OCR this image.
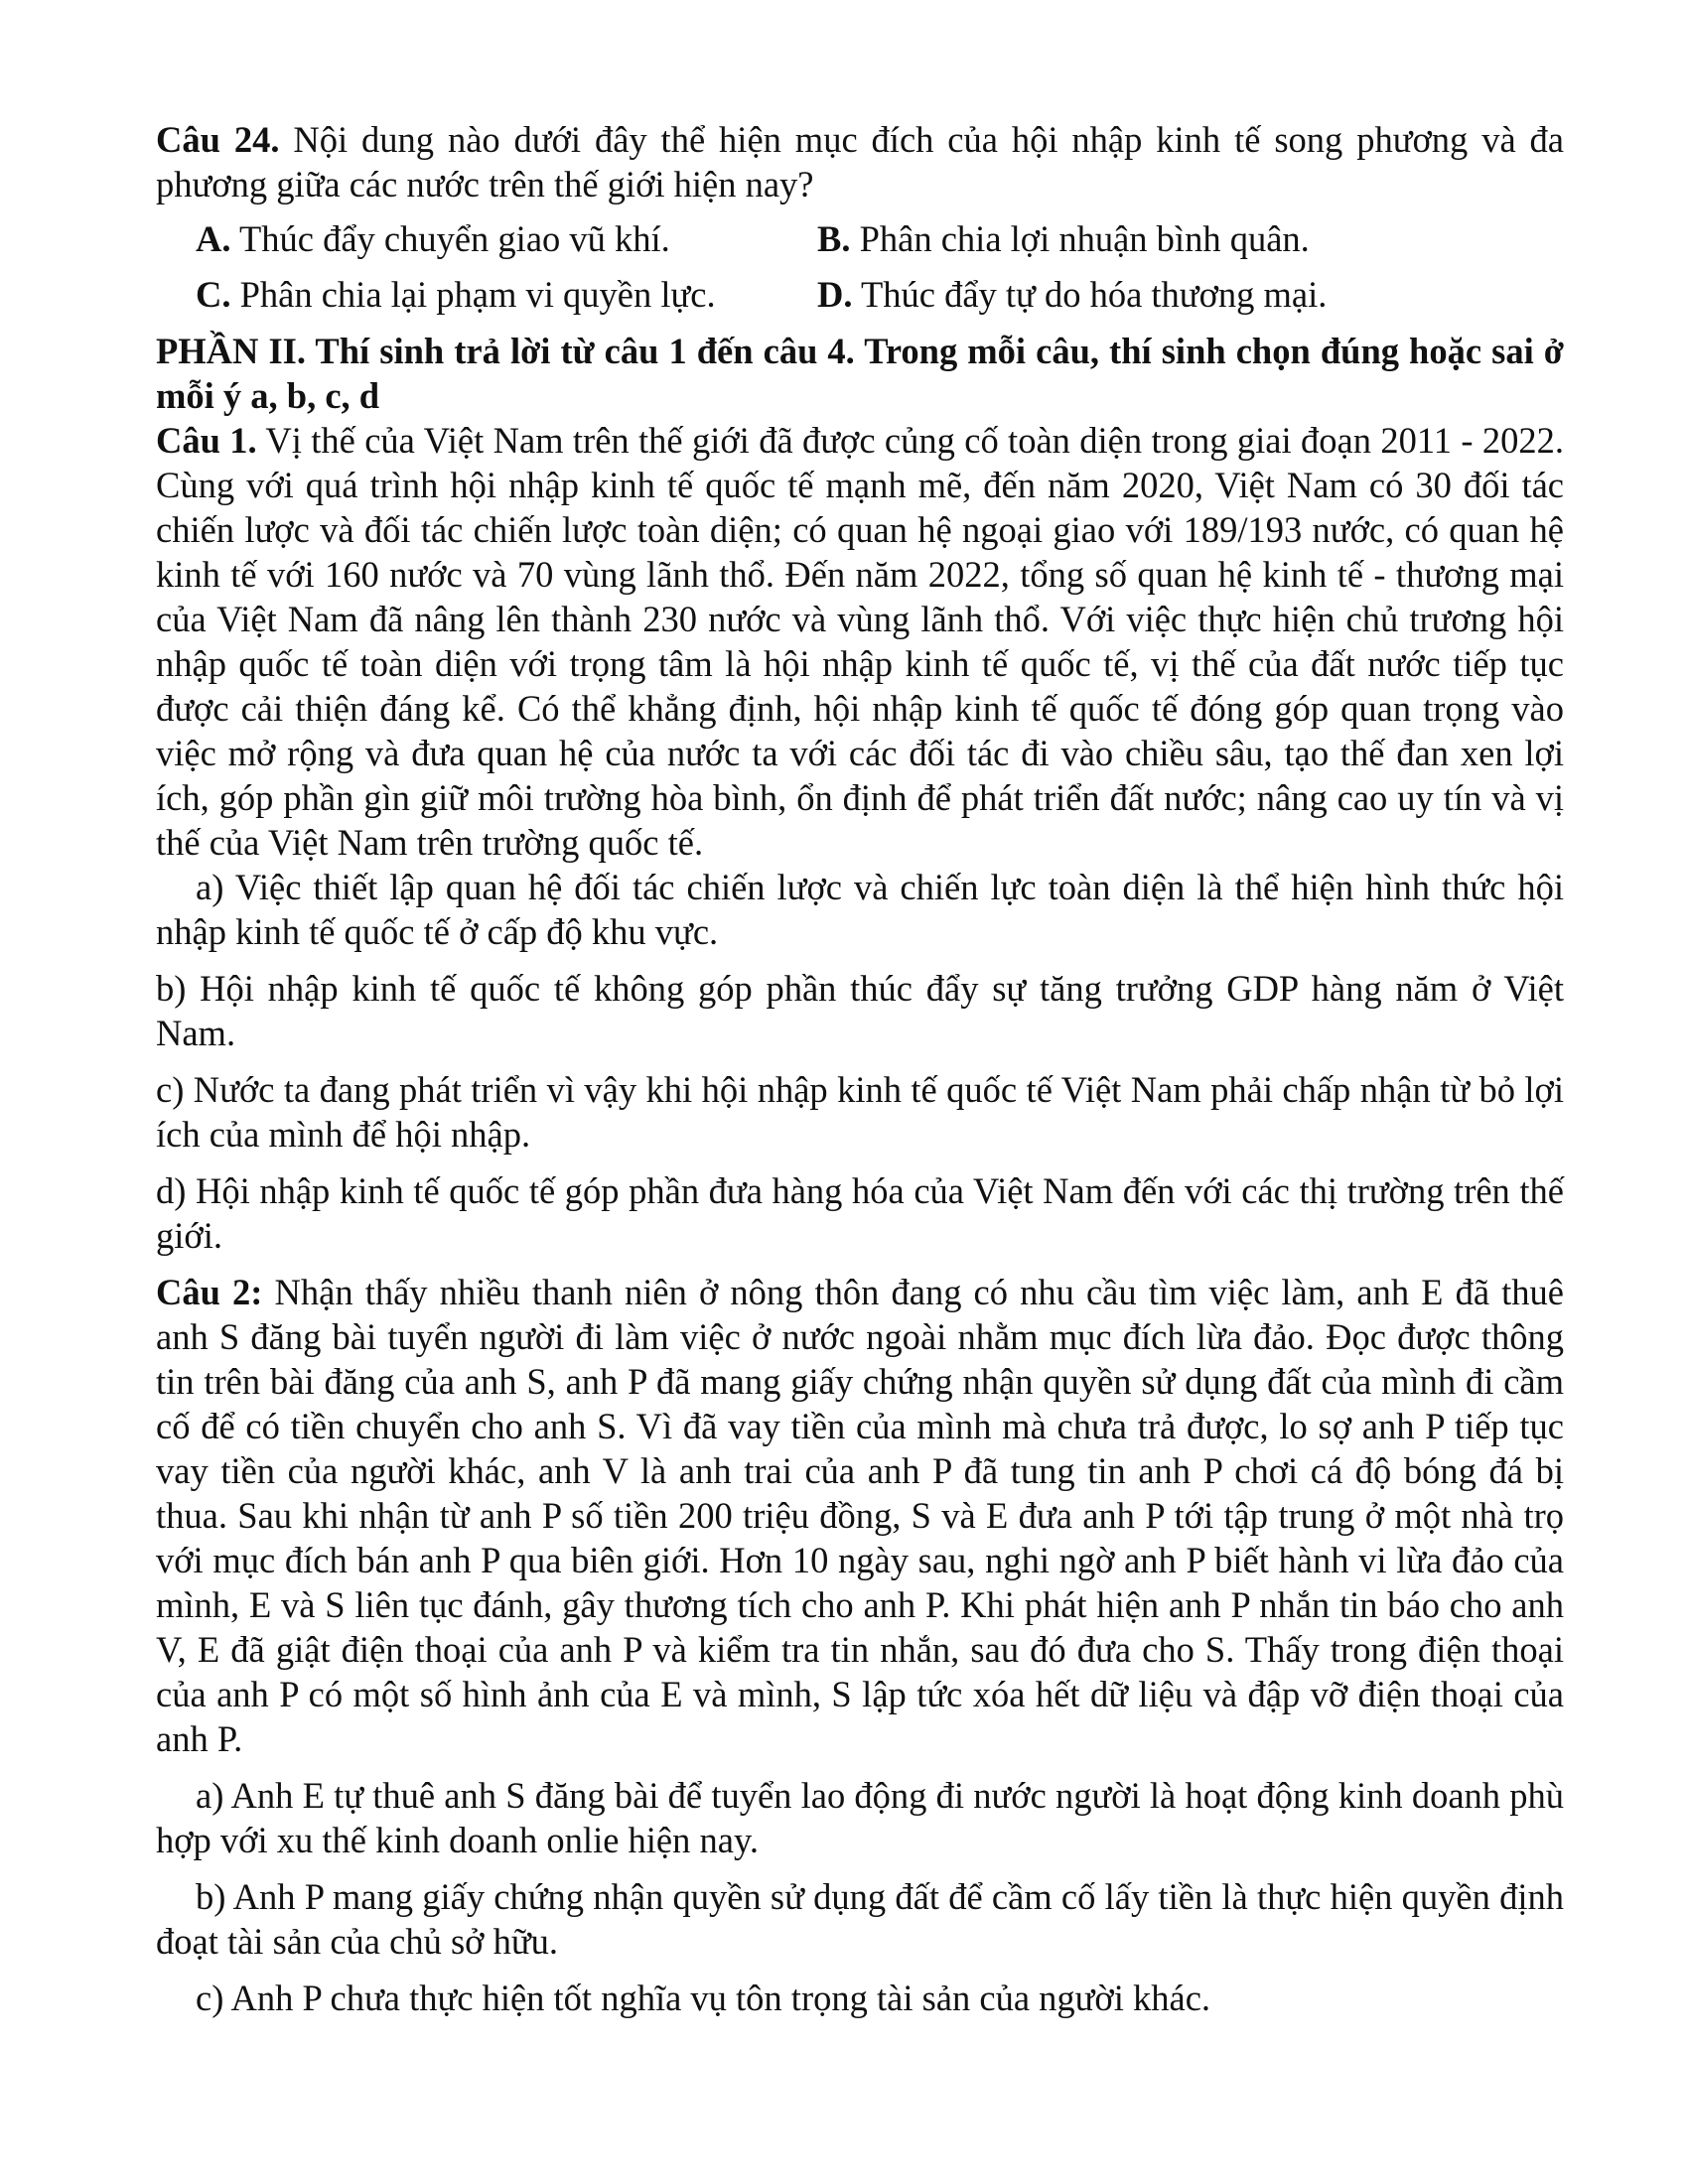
Câu 24. Nội dung nào dưới đây thể hiện mục đích của hội nhập kinh tế song phương và đa phương giữa các nước trên thế giới hiện nay?

A. Thúc đẩy chuyển giao vũ khí.	B. Phân chia lợi nhuận bình quân.
C. Phân chia lại phạm vi quyền lực.	D. Thúc đẩy tự do hóa thương mại.

PHẦN II. Thí sinh trả lời từ câu 1 đến câu 4. Trong mỗi câu, thí sinh chọn đúng hoặc sai ở mỗi ý a, b, c, d

Câu 1. Vị thế của Việt Nam trên thế giới đã được củng cố toàn diện trong giai đoạn 2011 - 2022. Cùng với quá trình hội nhập kinh tế quốc tế mạnh mẽ, đến năm 2020, Việt Nam có 30 đối tác chiến lược và đối tác chiến lược toàn diện; có quan hệ ngoại giao với 189/193 nước, có quan hệ kinh tế với 160 nước và 70 vùng lãnh thổ. Đến năm 2022, tổng số quan hệ kinh tế - thương mại của Việt Nam đã nâng lên thành 230 nước và vùng lãnh thổ. Với việc thực hiện chủ trương hội nhập quốc tế toàn diện với trọng tâm là hội nhập kinh tế quốc tế, vị thế của đất nước tiếp tục được cải thiện đáng kể. Có thể khẳng định, hội nhập kinh tế quốc tế đóng góp quan trọng vào việc mở rộng và đưa quan hệ của nước ta với các đối tác đi vào chiều sâu, tạo thế đan xen lợi ích, góp phần gìn giữ môi trường hòa bình, ổn định để phát triển đất nước; nâng cao uy tín và vị thế của Việt Nam trên trường quốc tế.

a) Việc thiết lập quan hệ đối tác chiến lược và chiến lực toàn diện là thể hiện hình thức hội nhập kinh tế quốc tế ở cấp độ khu vực.

b) Hội nhập kinh tế quốc tế không góp phần thúc đẩy sự tăng trưởng GDP hàng năm ở Việt Nam.

c) Nước ta đang phát triển vì vậy khi hội nhập kinh tế quốc tế Việt Nam phải chấp nhận từ bỏ lợi ích của mình để hội nhập.

d) Hội nhập kinh tế quốc tế góp phần đưa hàng hóa của Việt Nam đến với các thị trường trên thế giới.

Câu 2: Nhận thấy nhiều thanh niên ở nông thôn đang có nhu cầu tìm việc làm, anh E đã thuê anh S đăng bài tuyển người đi làm việc ở nước ngoài nhằm mục đích lừa đảo. Đọc được thông tin trên bài đăng của anh S, anh P đã mang giấy chứng nhận quyền sử dụng đất của mình đi cầm cố để có tiền chuyển cho anh S. Vì đã vay tiền của mình mà chưa trả được, lo sợ anh P tiếp tục vay tiền của người khác, anh V là anh trai của anh P đã tung tin anh P chơi cá độ bóng đá bị thua. Sau khi nhận từ anh P số tiền 200 triệu đồng, S và E đưa anh P tới tập trung ở một nhà trọ với mục đích bán anh P qua biên giới. Hơn 10 ngày sau, nghi ngờ anh P biết hành vi lừa đảo của mình, E và S liên tục đánh, gây thương tích cho anh P. Khi phát hiện anh P nhắn tin báo cho anh V, E đã giật điện thoại của anh P và kiểm tra tin nhắn, sau đó đưa cho S. Thấy trong điện thoại của anh P có một số hình ảnh của E và mình, S lập tức xóa hết dữ liệu và đập vỡ điện thoại của anh P.

a) Anh E tự thuê anh S đăng bài để tuyển lao động đi nước người là hoạt động kinh doanh phù hợp với xu thế kinh doanh onlie hiện nay.

b) Anh P mang giấy chứng nhận quyền sử dụng đất để cầm cố lấy tiền là thực hiện quyền định đoạt tài sản của chủ sở hữu.

c) Anh P chưa thực hiện tốt nghĩa vụ tôn trọng tài sản của người khác.
